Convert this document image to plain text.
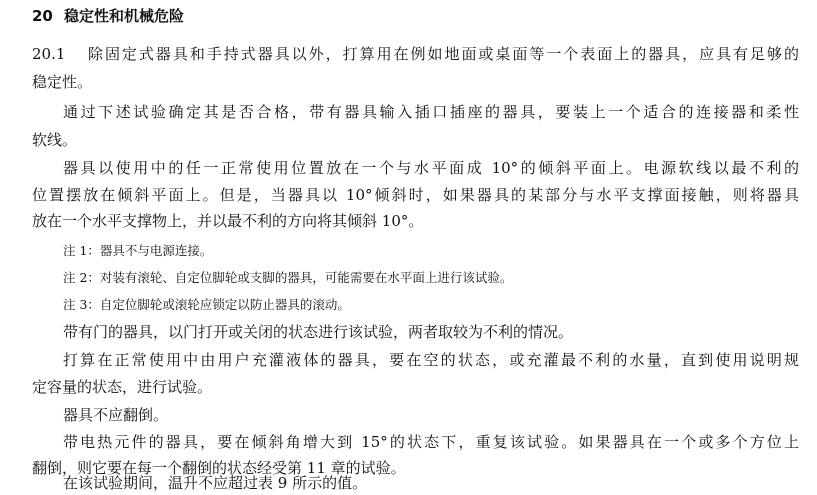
20 稳定性和机械危险
20.1 除固定式器具和手持式器具以外，打算用在例如地面或桌面等一个表面上的器具，应具有足够的
稳定性。
通过下述试验确定其是否合格，带有器具输入插口插座的器具，要装上一个适合的连接器和柔性
软线。
器具以使用中的任一正常使用位置放在一个与水平面成 10°的倾斜平面上。电源软线以最不利的
位置摆放在倾斜平面上。但是，当器具以 10°倾斜时，如果器具的某部分与水平支撑面接触，则将器具
放在一个水平支撑物上，并以最不利的方向将其倾斜 10°。
注 1：器具不与电源连接。
注 2：对装有滚轮、自定位脚轮或支脚的器具，可能需要在水平面上进行该试验。
注 3：自定位脚轮或滚轮应锁定以防止器具的滚动。
带有门的器具，以门打开或关闭的状态进行该试验，两者取较为不利的情况。
打算在正常使用中由用户充灌液体的器具，要在空的状态，或充灌最不利的水量，直到使用说明规
定容量的状态，进行试验。
器具不应翻倒。
带电热元件的器具，要在倾斜角增大到 15°的状态下，重复该试验。如果器具在一个或多个方位上
翻倒，则它要在每一个翻倒的状态经受第 11 章的试验。
在该试验期间，温升不应超过表 9 所示的值。
